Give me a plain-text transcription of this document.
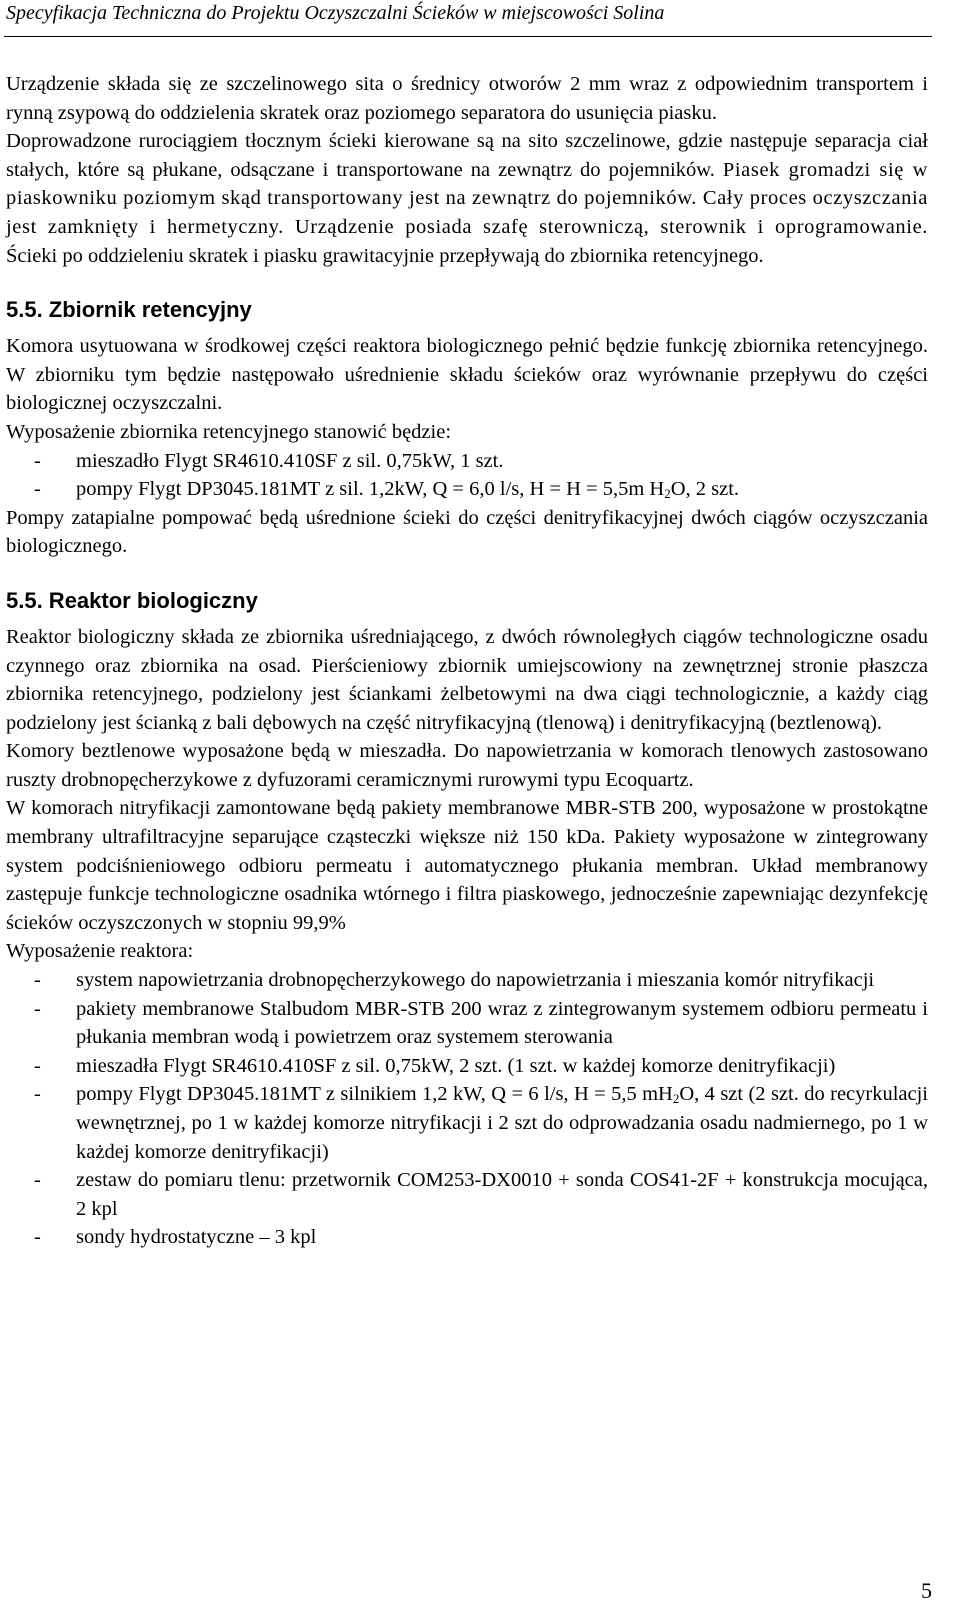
Specyfikacja Techniczna do Projektu Oczyszczalni Ścieków w miejscowości Solina

Urządzenie składa się ze szczelinowego sita o średnicy otworów 2 mm wraz z odpowiednim transportem i rynną zsypową do oddzielenia skratek oraz poziomego separatora do usunięcia piasku.

Doprowadzone rurociągiem tłocznym ścieki kierowane są na sito szczelinowe, gdzie następuje separacja ciał stałych, które są płukane, odsączane i transportowane na zewnątrz do pojemników. Piasek gromadzi się w piaskowniku poziomym skąd transportowany jest na zewnątrz do pojemników. Cały proces oczyszczania jest zamknięty i hermetyczny. Urządzenie posiada szafę sterowniczą, sterownik i oprogramowanie. Ścieki po oddzieleniu skratek i piasku grawitacyjnie przepływają do zbiornika retencyjnego.

5.5. Zbiornik retencyjny

Komora usytuowana w środkowej części reaktora biologicznego pełnić będzie funkcję zbiornika retencyjnego. W zbiorniku tym będzie następowało uśrednienie składu ścieków oraz wyrównanie przepływu do części biologicznej oczyszczalni.

Wyposażenie zbiornika retencyjnego stanowić będzie:

- mieszadło Flygt SR4610.410SF z sil. 0,75kW, 1 szt.
- pompy Flygt DP3045.181MT z sil. 1,2kW, Q = 6,0 l/s, H = H = 5,5m $H_2O$, 2 szt.

Pompy zatapialne pompować będą uśrednione ścieki do części denitryfikacyjnej dwóch ciągów oczyszczania biologicznego.

5.5. Reaktor biologiczny

Reaktor biologiczny składa ze zbiornika uśredniającego, z dwóch równoległych ciągów technologiczne osadu czynnego oraz zbiornika na osad. Pierścieniowy zbiornik umiejscowiony na zewnętrznej stronie płaszcza zbiornika retencyjnego, podzielony jest ściankami żelbetowymi na dwa ciągi technologicznie, a każdy ciąg podzielony jest ścianką z bali dębowych na część nitryfikacyjną (tlenową) i denitryfikacyjną (beztlenową).

Komory beztlenowe wyposażone będą w mieszadła. Do napowietrzania w komorach tlenowych zastosowano ruszty drobnopęcherzykowe z dyfuzorami ceramicznymi rurowymi typu Ecoquartz.

W komorach nitryfikacji zamontowane będą pakiety membranowe MBR-STB 200, wyposażone w prostokątne membrany ultrafiltracyjne separujące cząsteczki większe niż 150 kDa. Pakiety wyposażone w zintegrowany system podciśnieniowego odbioru permeatu i automatycznego płukania membran. Układ membranowy zastępuje funkcje technologiczne osadnika wtórnego i filtra piaskowego, jednocześnie zapewniając dezynfekcję ścieków oczyszczonych w stopniu 99,9%

Wyposażenie reaktora:

- system napowietrzania drobnopęcherzykowego do napowietrzania i mieszania komór nitryfikacji
- pakiety membranowe Stalbudom MBR-STB 200 wraz z zintegrowanym systemem odbioru permeatu i płukania membran wodą i powietrzem oraz systemem sterowania
- mieszadła Flygt SR4610.410SF z sil. 0,75kW, 2 szt. (1 szt. w każdej komorze denitryfikacji)
- pompy Flygt DP3045.181MT z silnikiem 1,2 kW, Q = 6 l/s, H = 5,5 $mH_2O$, 4 szt (2 szt. do recyrkulacji wewnętrznej, po 1 w każdej komorze nitryfikacji i 2 szt do odprowadzania osadu nadmiernego, po 1 w każdej komorze denitryfikacji)
- zestaw do pomiaru tlenu: przetwornik COM253-DX0010 + sonda COS41-2F + konstrukcja mocująca, 2 kpl
- sondy hydrostatyczne – 3 kpl
5
